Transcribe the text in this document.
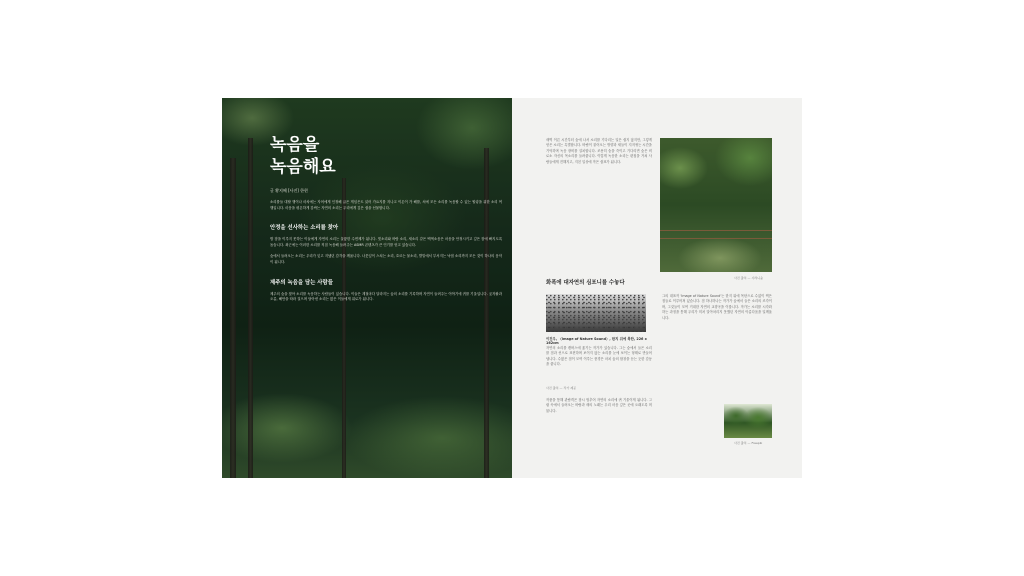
녹음을
녹음해요
글 황지혜 [사진] 한현
소리를들 대할 행이나 마차에는 자어에게 인정해 글은 게임은도 읽어 가요지를 지나고 이온이 가 해를, 처에 모든 소리를 녹음할 수 있는 힐링을 위한 소리 여행입니다. 마음을 평온하게 감싸는 자연의 소리는 우리에게 깊은 쉼을 선물합니다.
안정을 선사하는 소리를 찾아
밤 잠을 이루지 못하는 이들에게 자연의 소리는 훌륭한 수면제가 됩니다. 빗소리와 바람 소리, 새소리 같은 백색소음은 마음을 안정시키고 깊은 잠에 빠지도록 돕습니다. 최근에는 이러한 소리를 직접 녹음해 들려주는 ASMR 콘텐츠가 큰 인기를 얻고 있습니다.
숲에서 들려오는 소리는 우리가 잊고 지냈던 감각을 깨웁니다. 나뭇잎이 스치는 소리, 흐르는 물소리, 발밑에서 부서지는 낙엽 소리까지 모든 것이 하나의 음악이 됩니다.
제주의 녹음을 담는 사람들
제주의 숲을 찾아 소리를 녹음하는 사람들이 있습니다. 이들은 계절마다 달라지는 숲의 소리를 기록하며 자연이 들려주는 이야기에 귀를 기울입니다. 곶자왈과 오름, 해안을 따라 걸으며 담아낸 소리는 많은 이들에게 위로가 됩니다.
새벽 이른 시간부터 숲에 나서 소리를 기다리는 일은 쉽지 않지만, 그렇게 얻은 소리는 특별합니다. 바람이 불어오는 방향과 새들이 지저귀는 시간을 기억하며 녹음 장비를 설치합니다. 조용히 숨을 죽이고 기다리면 숲은 비로소 자신의 목소리를 들려줍니다. 이렇게 녹음한 소리는 편집을 거쳐 사람들에게 전해지고, 지친 일상에 작은 쉼표가 됩니다.
사진 출처 — 사려니숲
화폭에 대자연의 심포니를 수놓다
이진우, 〈Image of Nature Sound〉, 한지 위에 목탄, 226 x 162cm
자연의 소리를 캔버스에 옮기는 작가가 있습니다. 그는 숲에서 들은 소리를 점과 선으로 표현하며 보이지 않는 소리를 눈에 보이는 형태로 만들어 냅니다. 수많은 점이 모여 이루는 풍경은 마치 숲의 합창을 듣는 듯한 감동을 줍니다.
사진 출처 — 작가 제공
작품을 통해 관람객은 잠시 멈추어 자연의 소리에 귀 기울이게 됩니다. 그림 속에서 들려오는 바람과 새의 노래는 우리 마음 깊은 곳에 오래도록 머뭅니다.
그의 대표작 'Image of Nature Sound'는 한지 위에 목탄으로 수없이 찍은 점들로 이루어져 있습니다. 점 하나하나는 작가가 숲에서 들은 소리의 조각이며, 그것들이 모여 거대한 자연의 교향곡을 이룹니다. 작가는 소리를 시각화하는 과정을 통해 우리가 미처 알아차리지 못했던 자연의 아름다움을 일깨웁니다.
사진 출처 — Freepik
